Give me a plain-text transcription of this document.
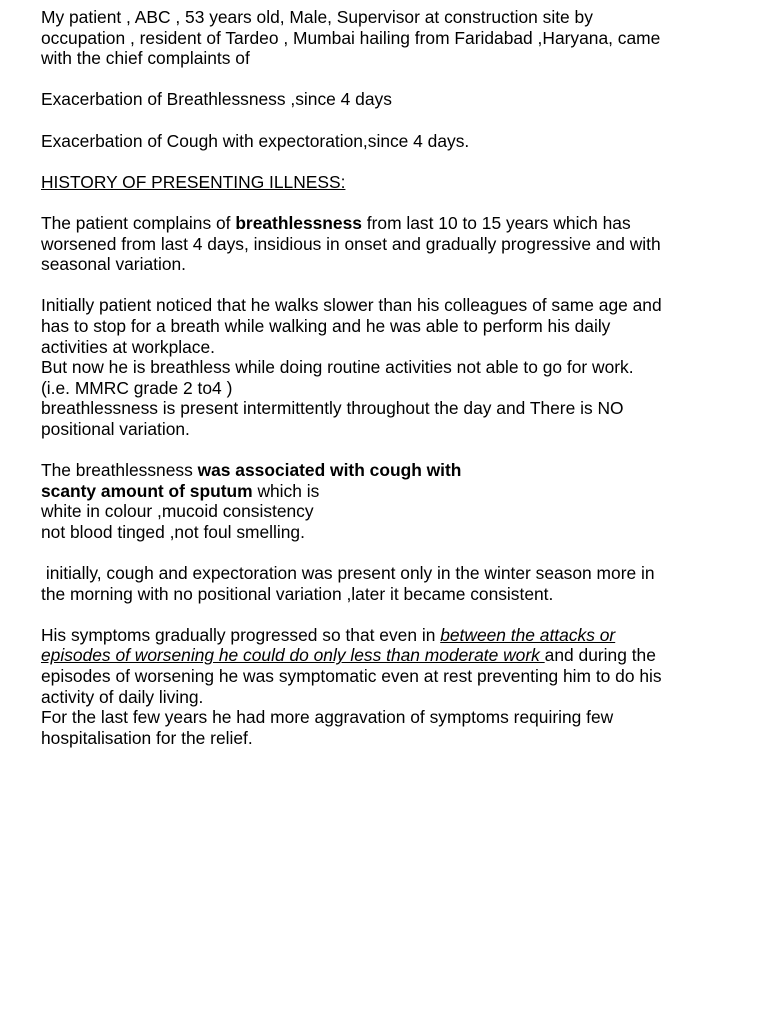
My patient , ABC , 53 years old, Male, Supervisor at construction site by
occupation , resident of Tardeo , Mumbai hailing from Faridabad ,Haryana, came
with the chief complaints of
Exacerbation of Breathlessness ,since 4 days
Exacerbation of Cough with expectoration,since 4 days.
HISTORY OF PRESENTING ILLNESS:
The patient complains of breathlessness from last 10 to 15 years which has
worsened from last 4 days, insidious in onset and gradually progressive and with
seasonal variation.
Initially patient noticed that he walks slower than his colleagues of same age and
has to stop for a breath while walking and he was able to perform his daily
activities at workplace.
But now he is breathless while doing routine activities not able to go for work.
(i.e. MMRC grade 2 to4 )
breathlessness is present intermittently throughout the day and There is NO
positional variation.
The breathlessness was associated with cough with
scanty amount of sputum which is
white in colour ,mucoid consistency
not blood tinged ,not foul smelling.
initially, cough and expectoration was present only in the winter season more in
the morning with no positional variation ,later it became consistent.
His symptoms gradually progressed so that even in between the attacks or
episodes of worsening he could do only less than moderate work and during the
episodes of worsening he was symptomatic even at rest preventing him to do his
activity of daily living.
For the last few years he had more aggravation of symptoms requiring few
hospitalisation for the relief.
